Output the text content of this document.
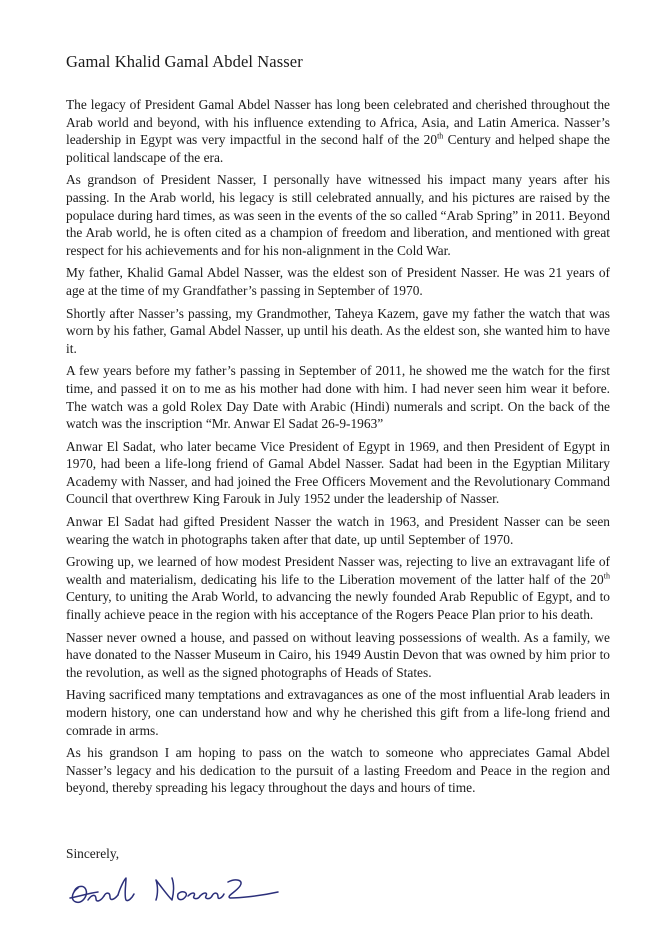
Gamal Khalid Gamal Abdel Nasser

The legacy of President Gamal Abdel Nasser has long been celebrated and cherished throughout the Arab world and beyond, with his influence extending to Africa, Asia, and Latin America. Nasser’s leadership in Egypt was very impactful in the second half of the 20th Century and helped shape the political landscape of the era.

As grandson of President Nasser, I personally have witnessed his impact many years after his passing. In the Arab world, his legacy is still celebrated annually, and his pictures are raised by the populace during hard times, as was seen in the events of the so called “Arab Spring” in 2011. Beyond the Arab world, he is often cited as a champion of freedom and liberation, and mentioned with great respect for his achievements and for his non-alignment in the Cold War.

My father, Khalid Gamal Abdel Nasser, was the eldest son of President Nasser. He was 21 years of age at the time of my Grandfather’s passing in September of 1970.

Shortly after Nasser’s passing, my Grandmother, Taheya Kazem, gave my father the watch that was worn by his father, Gamal Abdel Nasser, up until his death. As the eldest son, she wanted him to have it.

A few years before my father’s passing in September of 2011, he showed me the watch for the first time, and passed it on to me as his mother had done with him. I had never seen him wear it before. The watch was a gold Rolex Day Date with Arabic (Hindi) numerals and script. On the back of the watch was the inscription “Mr. Anwar El Sadat 26-9-1963”

Anwar El Sadat, who later became Vice President of Egypt in 1969, and then President of Egypt in 1970, had been a life-long friend of Gamal Abdel Nasser. Sadat had been in the Egyptian Military Academy with Nasser, and had joined the Free Officers Movement and the Revolutionary Command Council that overthrew King Farouk in July 1952 under the leadership of Nasser.

Anwar El Sadat had gifted President Nasser the watch in 1963, and President Nasser can be seen wearing the watch in photographs taken after that date, up until September of 1970.

Growing up, we learned of how modest President Nasser was, rejecting to live an extravagant life of wealth and materialism, dedicating his life to the Liberation movement of the latter half of the 20th Century, to uniting the Arab World, to advancing the newly founded Arab Republic of Egypt, and to finally achieve peace in the region with his acceptance of the Rogers Peace Plan prior to his death.

Nasser never owned a house, and passed on without leaving possessions of wealth. As a family, we have donated to the Nasser Museum in Cairo, his 1949 Austin Devon that was owned by him prior to the revolution, as well as the signed photographs of Heads of States.

Having sacrificed many temptations and extravagances as one of the most influential Arab leaders in modern history, one can understand how and why he cherished this gift from a life-long friend and comrade in arms.

As his grandson I am hoping to pass on the watch to someone who appreciates Gamal Abdel Nasser’s legacy and his dedication to the pursuit of a lasting Freedom and Peace in the region and beyond, thereby spreading his legacy throughout the days and hours of time.

Sincerely,
